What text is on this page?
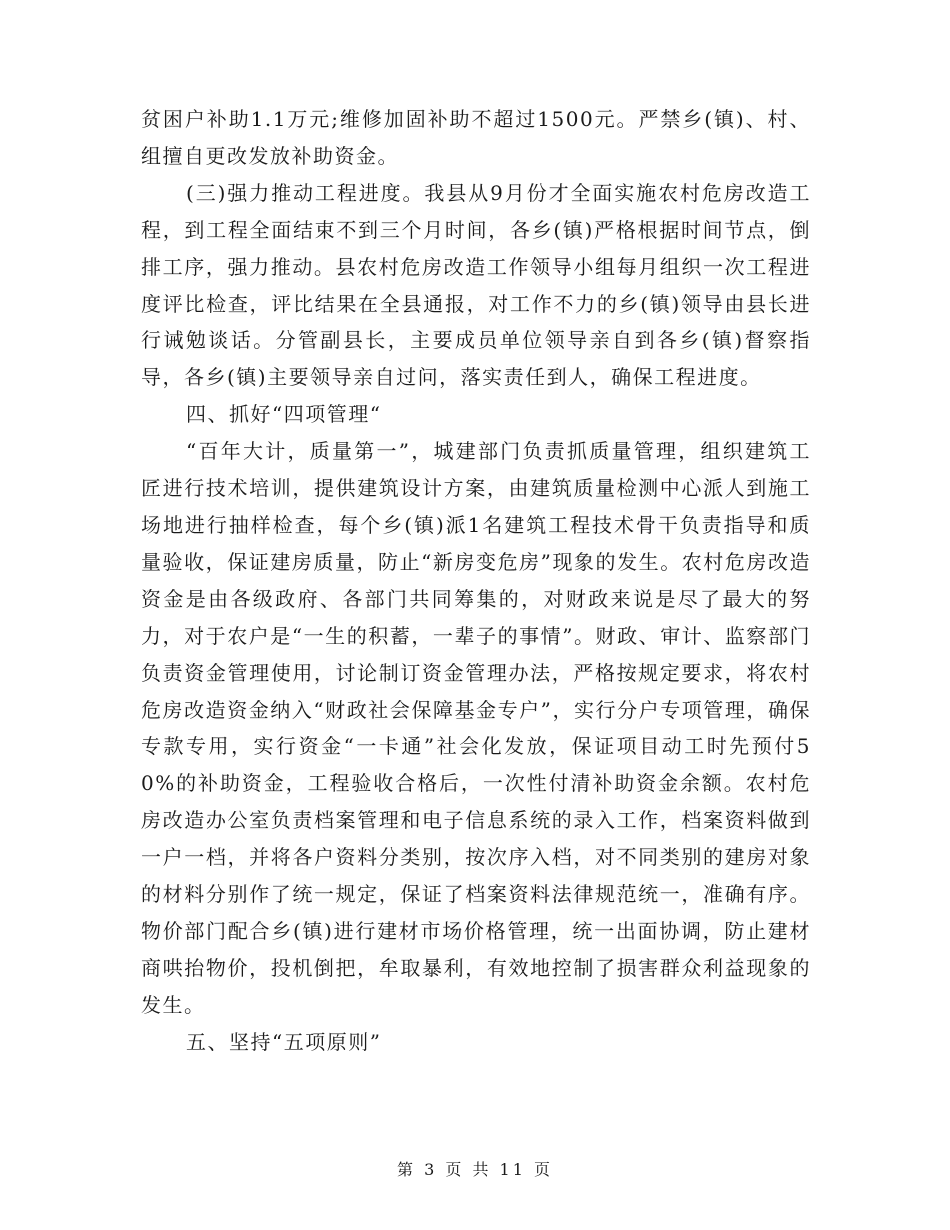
贫困户补助1.1万元;维修加固补助不超过1500元。严禁乡(镇)、村、组擅自更改发放补助资金。

(三)强力推动工程进度。我县从9月份才全面实施农村危房改造工程，到工程全面结束不到三个月时间，各乡(镇)严格根据时间节点，倒排工序，强力推动。县农村危房改造工作领导小组每月组织一次工程进度评比检查，评比结果在全县通报，对工作不力的乡(镇)领导由县长进行诫勉谈话。分管副县长，主要成员单位领导亲自到各乡(镇)督察指导，各乡(镇)主要领导亲自过问，落实责任到人，确保工程进度。

四、抓好“四项管理“

“百年大计，质量第一”，城建部门负责抓质量管理，组织建筑工匠进行技术培训，提供建筑设计方案，由建筑质量检测中心派人到施工场地进行抽样检查，每个乡(镇)派1名建筑工程技术骨干负责指导和质量验收，保证建房质量，防止“新房变危房”现象的发生。农村危房改造资金是由各级政府、各部门共同筹集的，对财政来说是尽了最大的努力，对于农户是“一生的积蓄，一辈子的事情”。财政、审计、监察部门负责资金管理使用，讨论制订资金管理办法，严格按规定要求，将农村危房改造资金纳入“财政社会保障基金专户”，实行分户专项管理，确保专款专用，实行资金“一卡通”社会化发放，保证项目动工时先预付50%的补助资金，工程验收合格后，一次性付清补助资金余额。农村危房改造办公室负责档案管理和电子信息系统的录入工作，档案资料做到一户一档，并将各户资料分类别，按次序入档，对不同类别的建房对象的材料分别作了统一规定，保证了档案资料法律规范统一，准确有序。物价部门配合乡(镇)进行建材市场价格管理，统一出面协调，防止建材商哄抬物价，投机倒把，牟取暴利，有效地控制了损害群众利益现象的发生。

五、坚持“五项原则”

第 3 页 共 11 页
